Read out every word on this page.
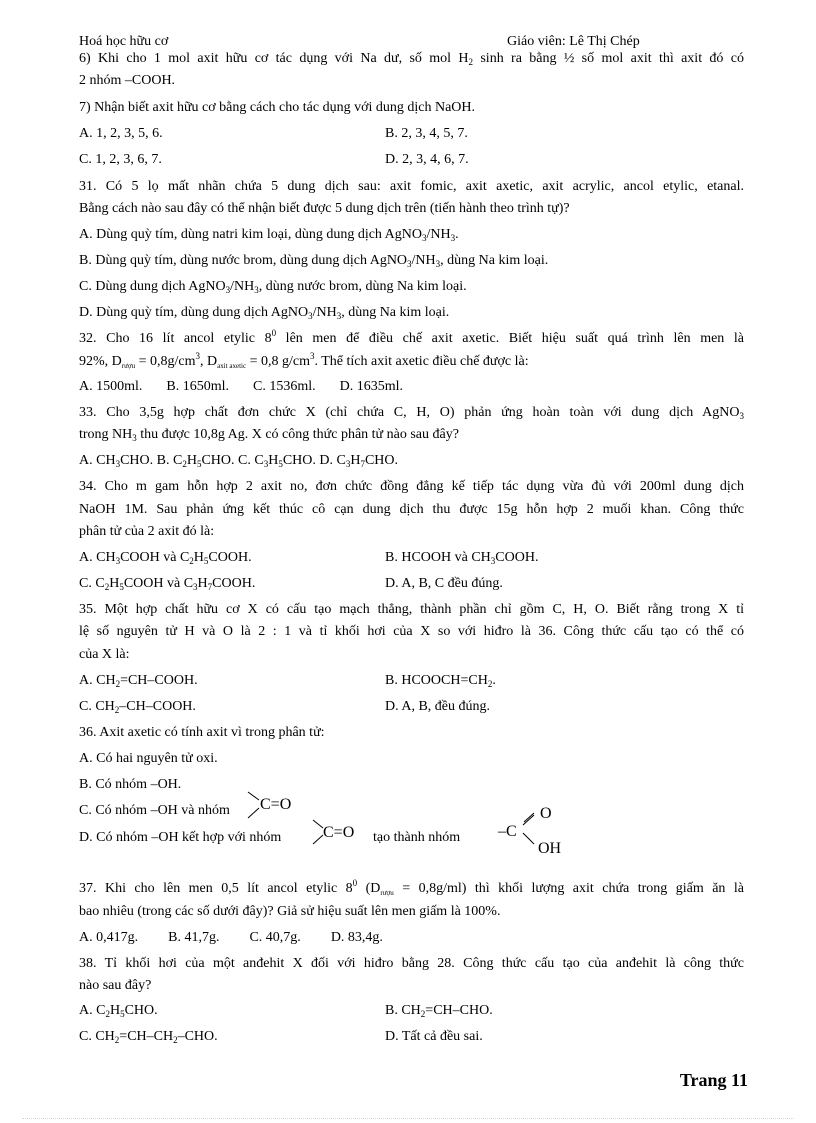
Hoá học hữu cơ	Giáo viên: Lê Thị Chép
6) Khi cho 1 mol axit hữu cơ tác dụng với Na dư, số mol $H_2$ sinh ra bằng ½ số mol axit thì axit đó có
2 nhóm –COOH.
7) Nhận biết axit hữu cơ bằng cách cho tác dụng với dung dịch NaOH.
A. 1, 2, 3, 5, 6.	B. 2, 3, 4, 5, 7.
C. 1, 2, 3, 6, 7.	D. 2, 3, 4, 6, 7.
31. Có 5 lọ mất nhãn chứa 5 dung dịch sau: axit fomic, axit axetic, axit acrylic, ancol etylic, etanal.
Bằng cách nào sau đây có thể nhận biết được 5 dung dịch trên (tiến hành theo trình tự)?
A. Dùng quỳ tím, dùng natri kim loại, dùng dung dịch $AgNO_3/NH_3$.
B. Dùng quỳ tím, dùng nước brom, dùng dung dịch $AgNO_3/NH_3$, dùng Na kim loại.
C. Dùng dung dịch $AgNO_3/NH_3$, dùng nước brom, dùng Na kim loại.
D. Dùng quỳ tím, dùng dung dịch $AgNO_3/NH_3$, dùng Na kim loại.
32. Cho 16 lít ancol etylic $8^0$ lên men để điều chế axit axetic. Biết hiệu suất quá trình lên men là
92%, $D_{rượu} = 0,8g/cm^3$, $D_{axit axetic} = 0,8$ $g/cm^3$. Thể tích axit axetic điều chế được là:
A. 1500ml. B. 1650ml. C. 1536ml. D. 1635ml.
33. Cho 3,5g hợp chất đơn chức X (chỉ chứa C, H, O) phản ứng hoàn toàn với dung dịch AgNO$_3$
trong $NH_3$ thu được 10,8g Ag. X có công thức phân tử nào sau đây?
A. $CH_3CHO$. B. $C_2H_5CHO$. C. $C_3H_5CHO$. D. $C_3H_7CHO$.
34. Cho m gam hỗn hợp 2 axit no, đơn chức đồng đẳng kế tiếp tác dụng vừa đủ với 200ml dung dịch
NaOH 1M. Sau phản ứng kết thúc cô cạn dung dịch thu được 15g hỗn hợp 2 muối khan. Công thức
phân tử của 2 axit đó là:
A. $CH_3COOH$ và $C_2H_5COOH$.	B. HCOOH và $CH_3COOH$.
C. $C_2H_5COOH$ và $C_3H_7COOH$.	D. A, B, C đều đúng.
35. Một hợp chất hữu cơ X có cấu tạo mạch thẳng, thành phần chỉ gồm C, H, O. Biết rằng trong X tỉ
lệ số nguyên tử H và O là 2 : 1 và tỉ khối hơi của X so với hiđro là 36. Công thức cấu tạo có thể có
của X là:
A. $CH_2=CH$–COOH.	B. $HCOOCH=CH_2$.
C. $CH_2-CH$–COOH.	D. A, B, đều đúng.
36. Axit axetic có tính axit vì trong phân tử:
A. Có hai nguyên tử oxi.
B. Có nhóm –OH.
C. Có nhóm –OH và nhóm	C=O
D. Có nhóm –OH kết hợp với nhóm	C=O tạo thành nhóm –C
O
OH
37. Khi cho lên men 0,5 lít ancol etylic $8^0$ $(D_{rượu} = 0,8g/ml)$ thì khối lượng axit chứa trong giấm ăn là
bao nhiêu (trong các số dưới đây)? Giả sử hiệu suất lên men giấm là 100%.
A. 0,417g. B. 41,7g. C. 40,7g. D. 83,4g.
38. Tỉ khối hơi của một anđehit X đối với hiđro bằng 28. Công thức cấu tạo của anđehit là công thức
nào sau đây?
A. $C_2H_5CHO$.	B. $CH_2=CH$–CHO.
C. $CH_2=CH-CH_2$–CHO.	D. Tất cả đều sai.
Trang 11
